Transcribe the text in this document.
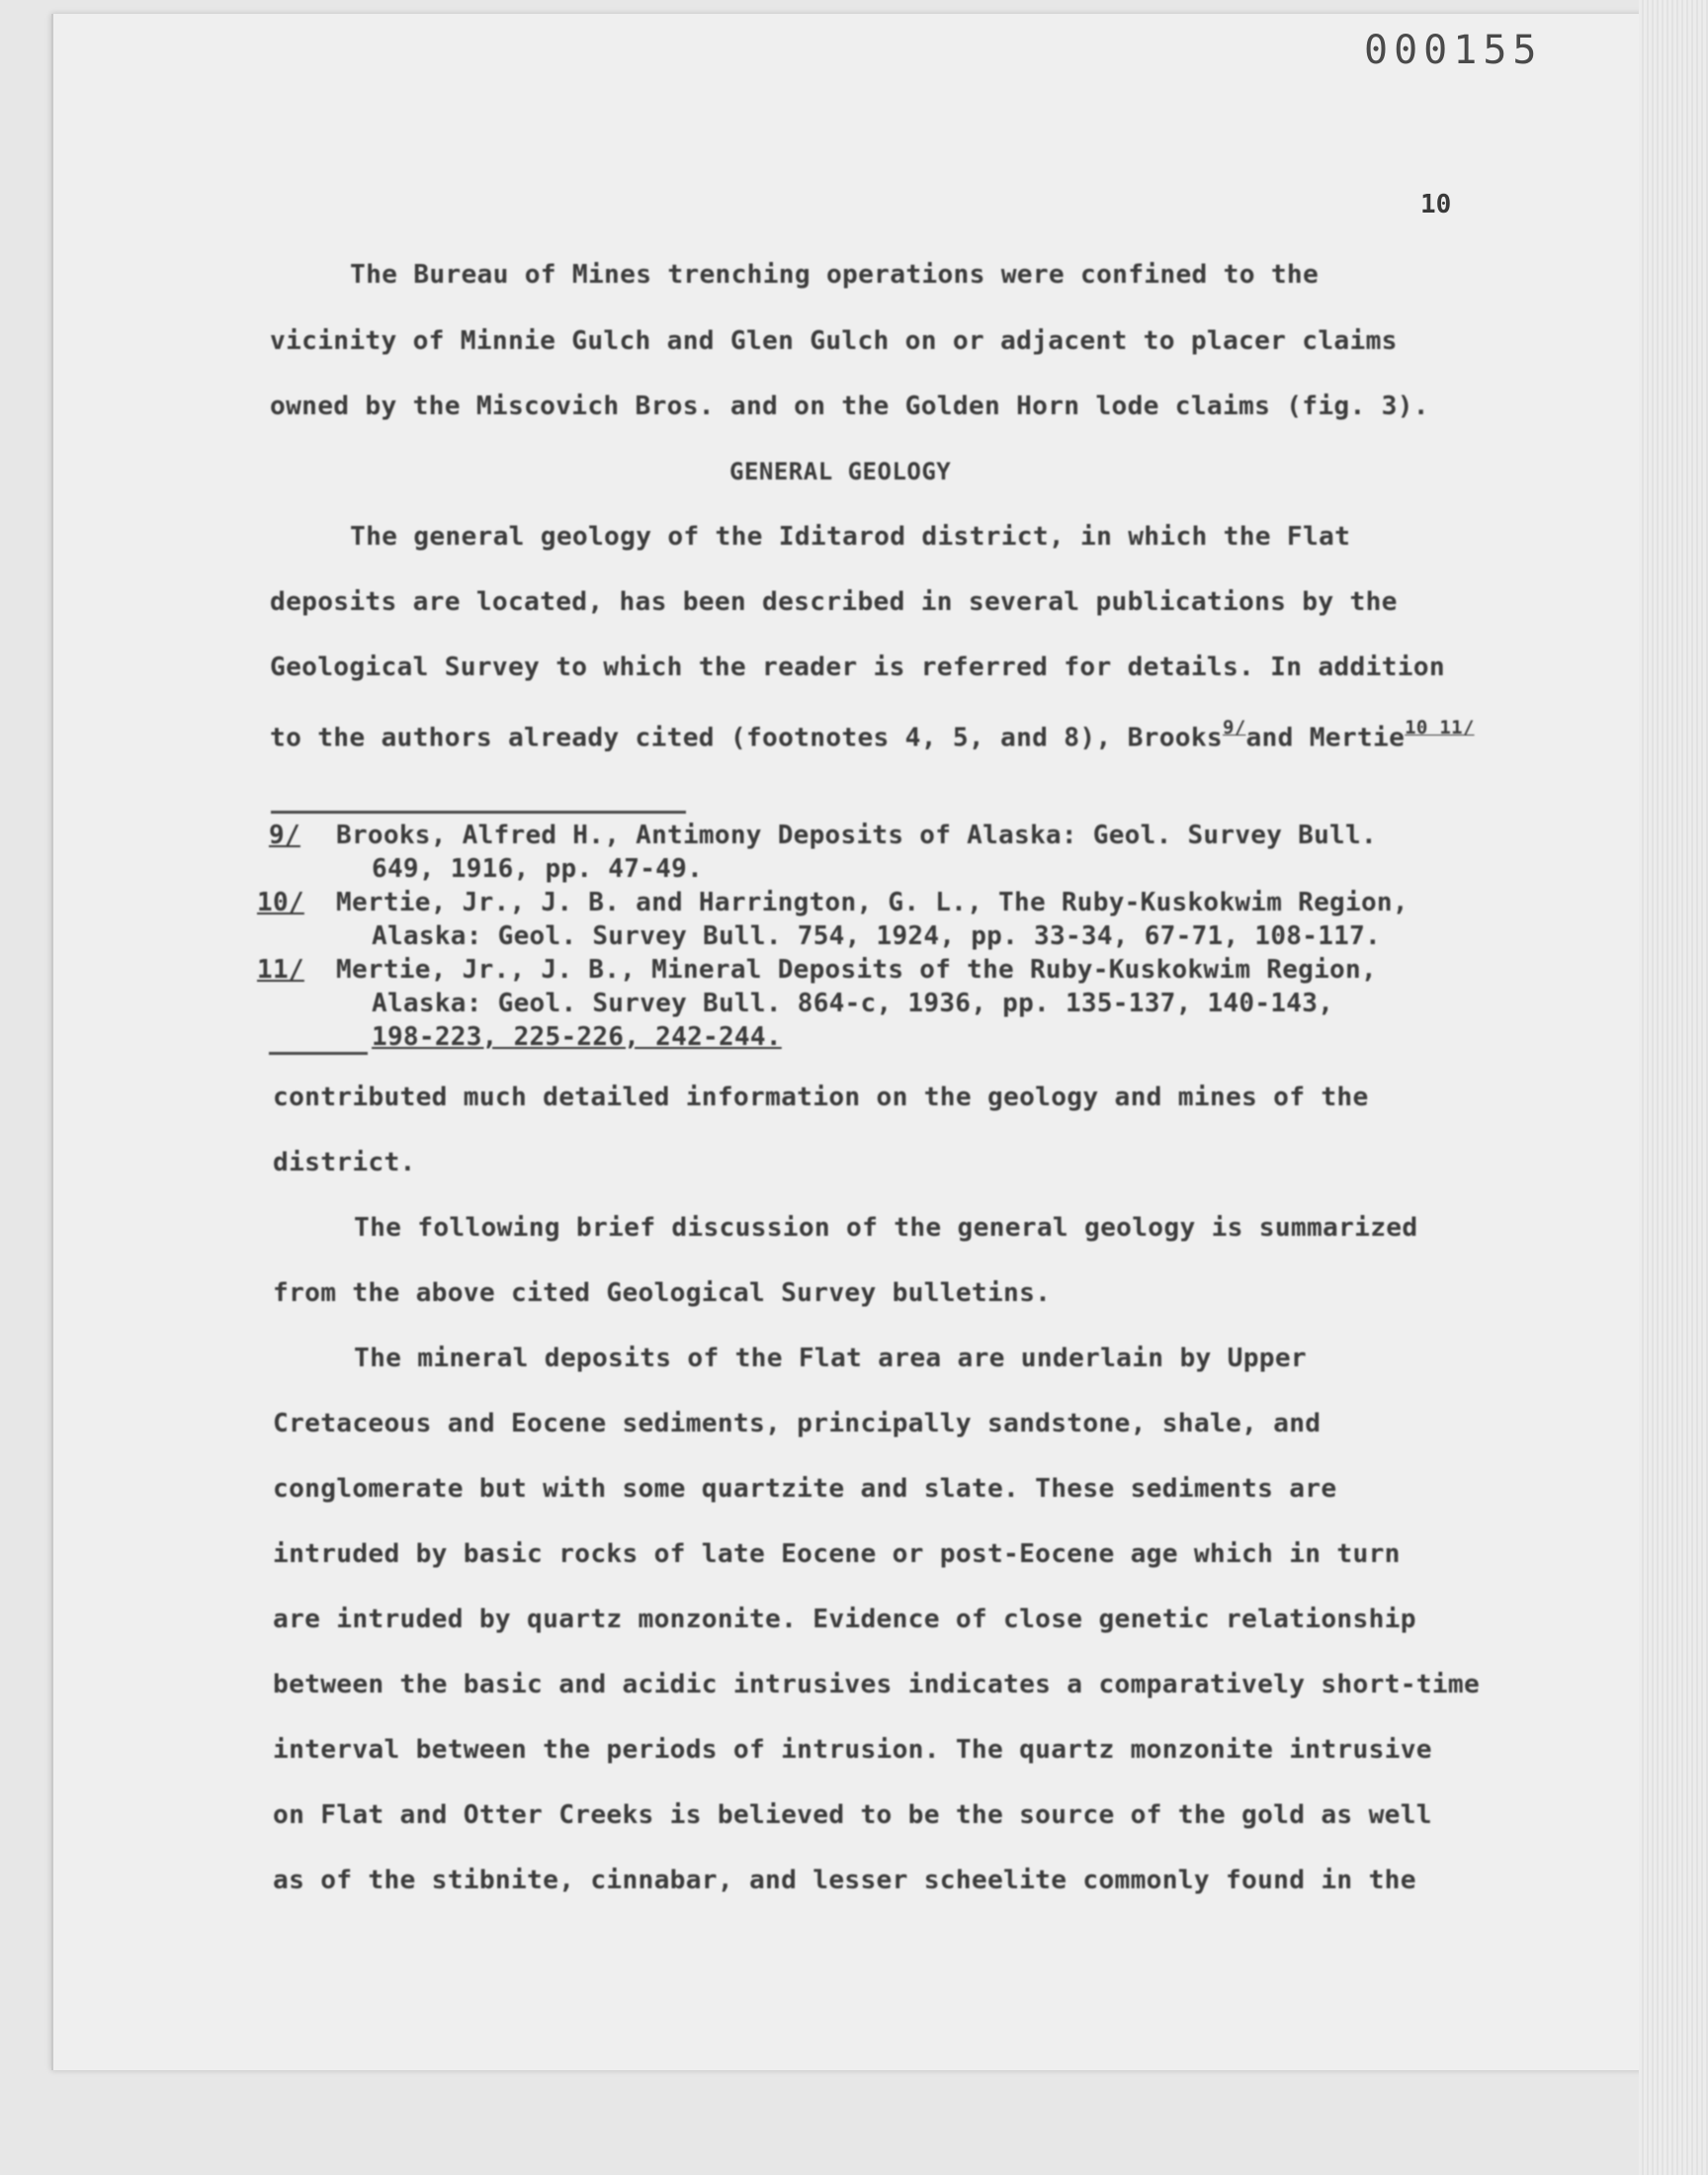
000155
10
The Bureau of Mines trenching operations were confined to the
vicinity of Minnie Gulch and Glen Gulch on or adjacent to placer claims
owned by the Miscovich Bros. and on the Golden Horn lode claims (fig. 3).
GENERAL GEOLOGY
The general geology of the Iditarod district, in which the Flat
deposits are located, has been described in several publications by the
Geological Survey to which the reader is referred for details. In addition
to the authors already cited (footnotes 4, 5, and 8), Brooks$^{9/}$and Mertie$^{10 11/}$
9/ Brooks, Alfred H., Antimony Deposits of Alaska: Geol. Survey Bull.
649, 1916, pp. 47-49.
10/ Mertie, Jr., J. B. and Harrington, G. L., The Ruby-Kuskokwim Region,
Alaska: Geol. Survey Bull. 754, 1924, pp. 33-34, 67-71, 108-117.
11/ Mertie, Jr., J. B., Mineral Deposits of the Ruby-Kuskokwim Region,
Alaska: Geol. Survey Bull. 864-c, 1936, pp. 135-137, 140-143,
198-223, 225-226, 242-244.
contributed much detailed information on the geology and mines of the
district.
The following brief discussion of the general geology is summarized
from the above cited Geological Survey bulletins.
The mineral deposits of the Flat area are underlain by Upper
Cretaceous and Eocene sediments, principally sandstone, shale, and
conglomerate but with some quartzite and slate. These sediments are
intruded by basic rocks of late Eocene or post-Eocene age which in turn
are intruded by quartz monzonite. Evidence of close genetic relationship
between the basic and acidic intrusives indicates a comparatively short-time
interval between the periods of intrusion. The quartz monzonite intrusive
on Flat and Otter Creeks is believed to be the source of the gold as well
as of the stibnite, cinnabar, and lesser scheelite commonly found in the
